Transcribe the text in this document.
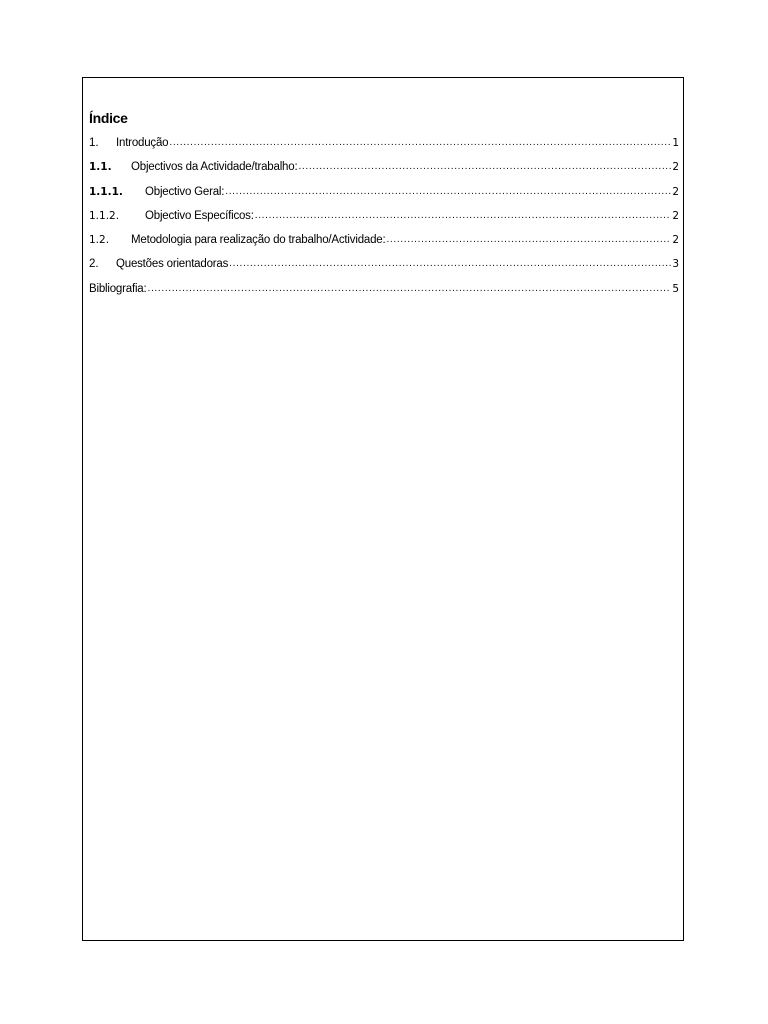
Índice
1.	Introdução .....	1
1.1.	Objectivos da Actividade/trabalho: .....	2
1.1.1.	Objectivo Geral: .....	2
1.1.2.	Objectivo Específicos: .....	2
1.2.	Metodologia para realização do trabalho/Actividade: .....	2
2.	Questões orientadoras .....	3
Bibliografia: .....	5
